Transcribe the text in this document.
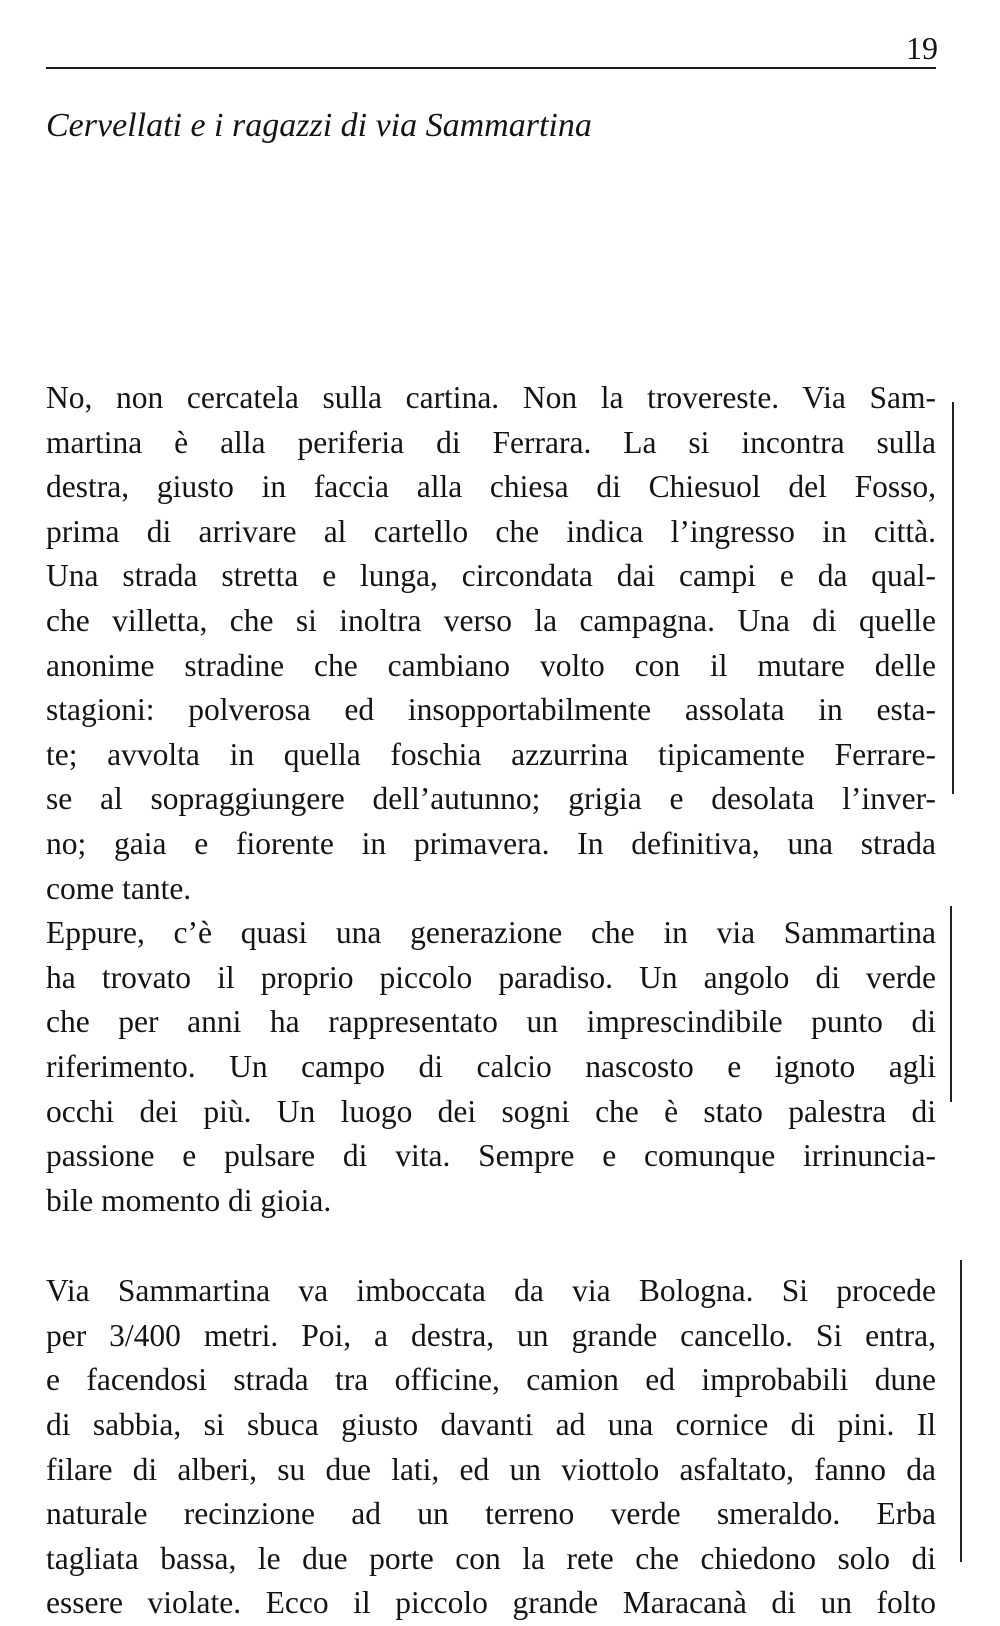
19
Cervellati e i ragazzi di via Sammartina
No, non cercatela sulla cartina. Non la trovereste. Via Sam-
martina è alla periferia di Ferrara. La si incontra sulla
destra, giusto in faccia alla chiesa di Chiesuol del Fosso,
prima di arrivare al cartello che indica l’ingresso in città.
Una strada stretta e lunga, circondata dai campi e da qual-
che villetta, che si inoltra verso la campagna. Una di quelle
anonime stradine che cambiano volto con il mutare delle
stagioni: polverosa ed insopportabilmente assolata in esta-
te; avvolta in quella foschia azzurrina tipicamente Ferrare-
se al sopraggiungere dell’autunno; grigia e desolata l’inver-
no; gaia e fiorente in primavera. In definitiva, una strada
come tante.
Eppure, c’è quasi una generazione che in via Sammartina
ha trovato il proprio piccolo paradiso. Un angolo di verde
che per anni ha rappresentato un imprescindibile punto di
riferimento. Un campo di calcio nascosto e ignoto agli
occhi dei più. Un luogo dei sogni che è stato palestra di
passione e pulsare di vita. Sempre e comunque irrinuncia-
bile momento di gioia.
Via Sammartina va imboccata da via Bologna. Si procede
per 3/400 metri. Poi, a destra, un grande cancello. Si entra,
e facendosi strada tra officine, camion ed improbabili dune
di sabbia, si sbuca giusto davanti ad una cornice di pini. Il
filare di alberi, su due lati, ed un viottolo asfaltato, fanno da
naturale recinzione ad un terreno verde smeraldo. Erba
tagliata bassa, le due porte con la rete che chiedono solo di
essere violate. Ecco il piccolo grande Maracanà di un folto
